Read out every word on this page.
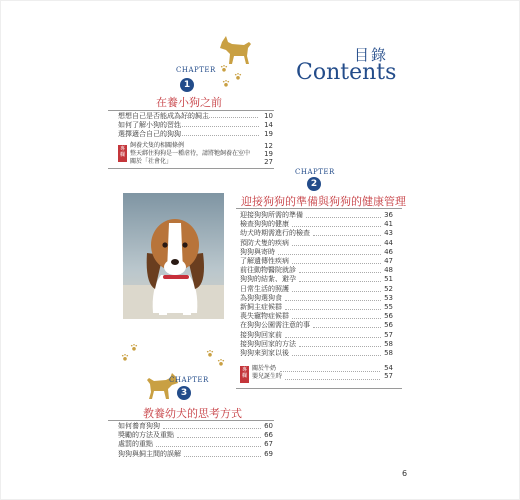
目錄
Contents
CHAPTER
1
在養小狗之前
想想自己是否能成為好的飼主	10
如何了解小狗的習性	14
選擇適合自己的狗狗	19
專欄
飼養犬隻的相關條例	12
整天綁住狗狗是一種虐待，請將牠飼養在室中 19
關於「社會化」	27
CHAPTER
2
迎接狗狗的準備與狗狗的健康管理
迎接狗狗所需的準備	36
檢查狗狗的健康	41
幼犬時期需進行的檢查	43
預防犬隻的疾病	44
狗狗與寄時	46
了解遺傳性疾病	47
前往動物醫院就診	48
狗狗的結紮、避孕	51
日常生活的照護	52
為狗狗選狗食	53
新飼主症候群	55
喪失寵物症候群	56
在狗狗公園需注意的事	56
接狗狗回家前	57
接狗狗回家的方法	58
狗狗來到家以後	58
專欄
關於牛奶	54
嬰兒誕生時	57
CHAPTER
3
教養幼犬的思考方式
如何養育狗狗	60
獎勵的方法及重點	66
處罰的重點	67
狗狗與飼主間的誤解	69
6
